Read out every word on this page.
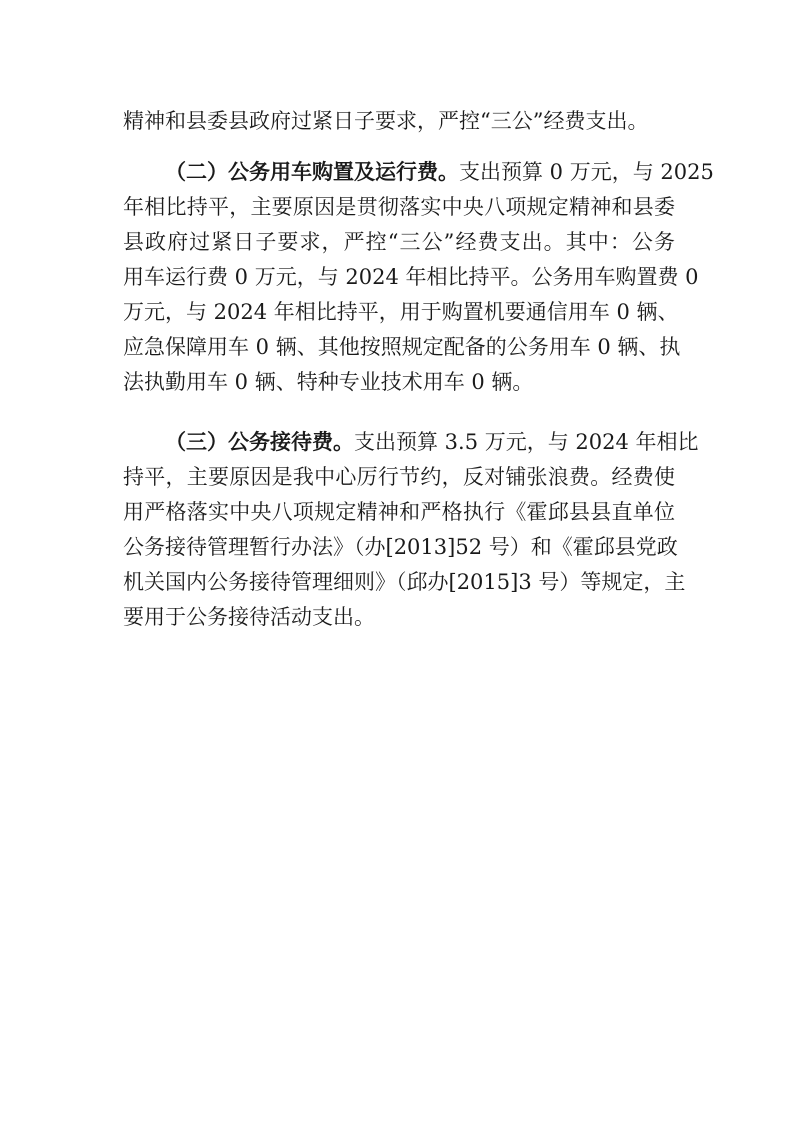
精神和县委县政府过紧日子要求，严控“三公”经费支出。
（二）公务用车购置及运行费。支出预算 0 万元，与 2025
年相比持平，主要原因是贯彻落实中央八项规定精神和县委
县政府过紧日子要求，严控“三公”经费支出。其中：公务
用车运行费 0 万元，与 2024 年相比持平。公务用车购置费 0
万元，与 2024 年相比持平，用于购置机要通信用车 0 辆、
应急保障用车 0 辆、其他按照规定配备的公务用车 0 辆、执
法执勤用车 0 辆、特种专业技术用车 0 辆。
（三）公务接待费。支出预算 3.5 万元，与 2024 年相比
持平，主要原因是我中心厉行节约，反对铺张浪费。经费使
用严格落实中央八项规定精神和严格执行《霍邱县县直单位
公务接待管理暂行办法》（办[2013]52 号）和《霍邱县党政
机关国内公务接待管理细则》（邱办[2015]3 号）等规定，主
要用于公务接待活动支出。
